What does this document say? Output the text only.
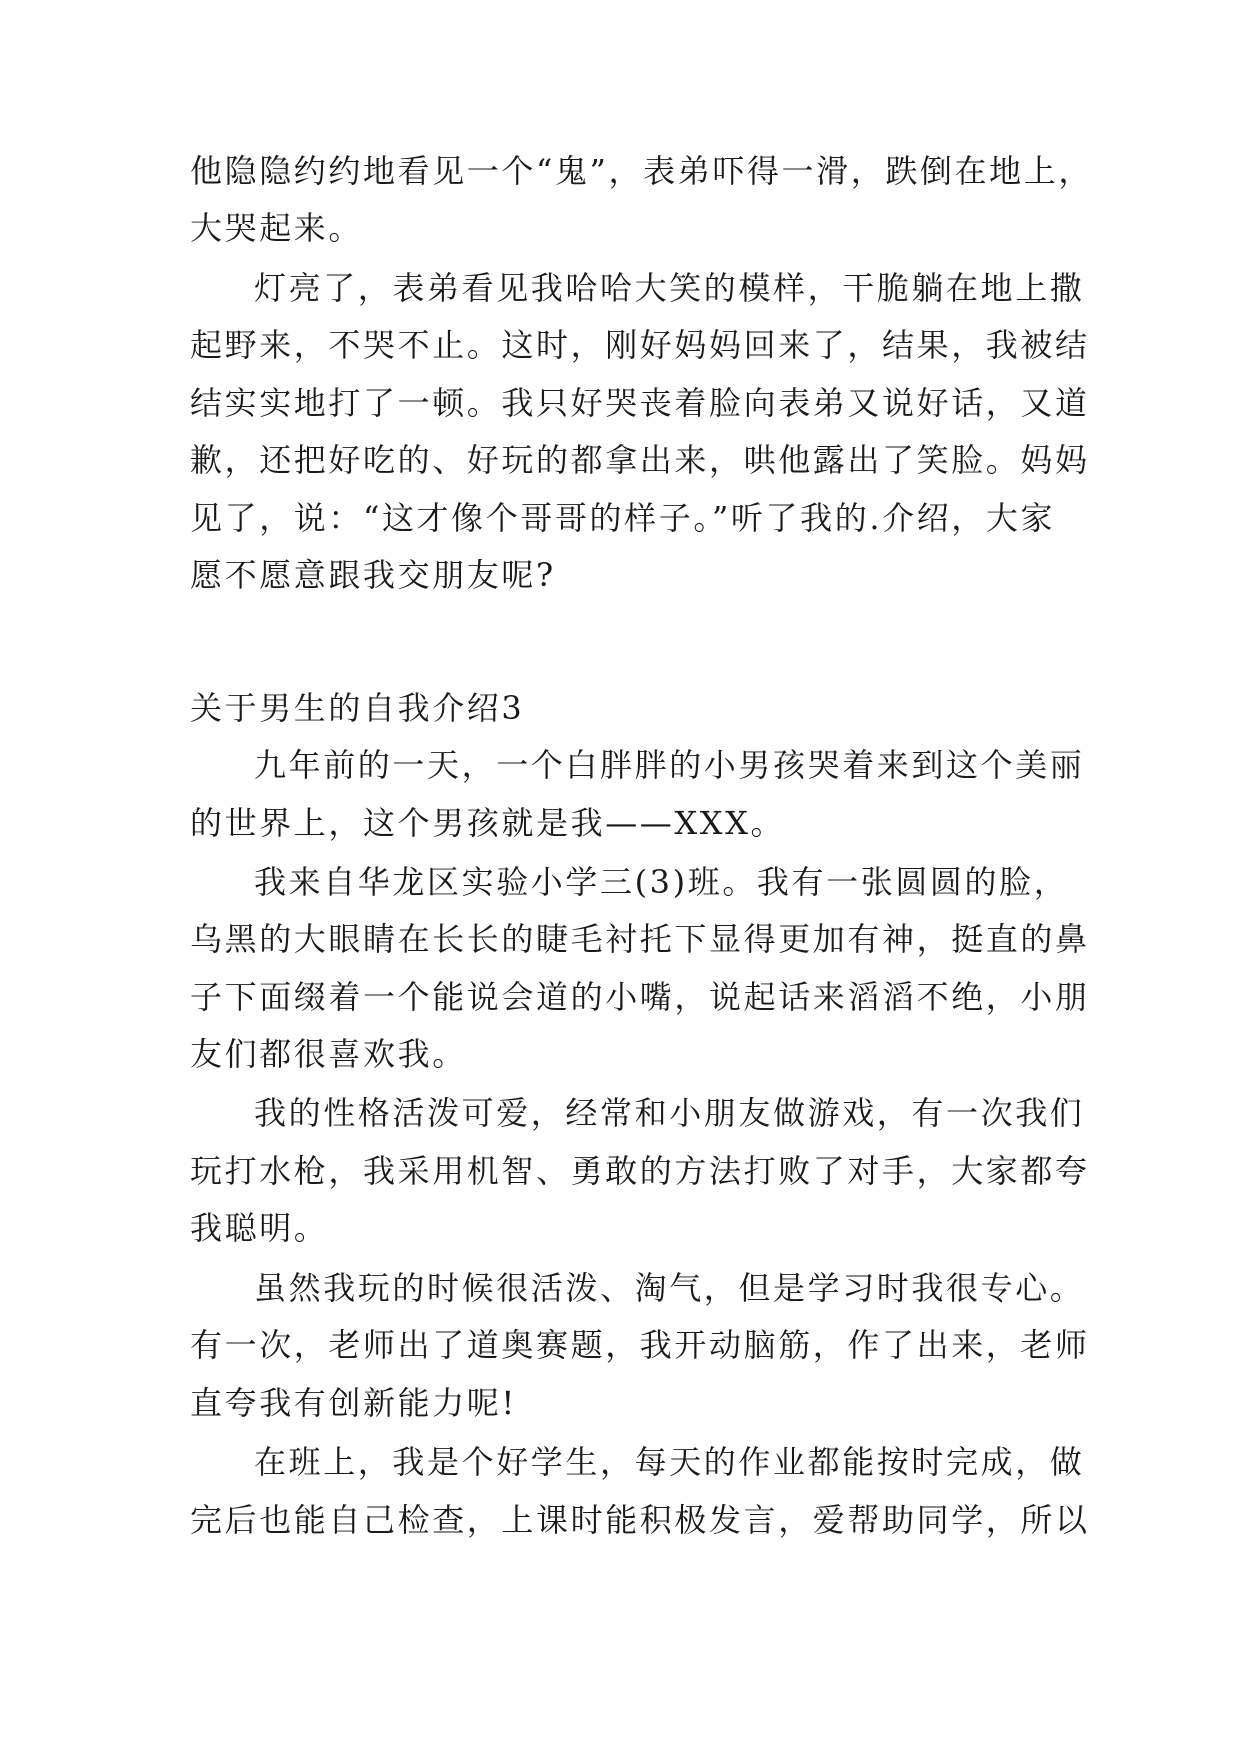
他隐隐约约地看见一个“鬼”，表弟吓得一滑，跌倒在地上，
大哭起来。
灯亮了，表弟看见我哈哈大笑的模样，干脆躺在地上撒
起野来，不哭不止。这时，刚好妈妈回来了，结果，我被结
结实实地打了一顿。我只好哭丧着脸向表弟又说好话，又道
歉，还把好吃的、好玩的都拿出来，哄他露出了笑脸。妈妈
见了，说：“这才像个哥哥的样子。”听了我的.介绍，大家
愿不愿意跟我交朋友呢?
关于男生的自我介绍3
九年前的一天，一个白胖胖的小男孩哭着来到这个美丽
的世界上，这个男孩就是我——XXX。
我来自华龙区实验小学三(3)班。我有一张圆圆的脸，
乌黑的大眼睛在长长的睫毛衬托下显得更加有神，挺直的鼻
子下面缀着一个能说会道的小嘴，说起话来滔滔不绝，小朋
友们都很喜欢我。
我的性格活泼可爱，经常和小朋友做游戏，有一次我们
玩打水枪，我采用机智、勇敢的方法打败了对手，大家都夸
我聪明。
虽然我玩的时候很活泼、淘气，但是学习时我很专心。
有一次，老师出了道奥赛题，我开动脑筋，作了出来，老师
直夸我有创新能力呢!
在班上，我是个好学生，每天的作业都能按时完成，做
完后也能自己检查，上课时能积极发言，爱帮助同学，所以
